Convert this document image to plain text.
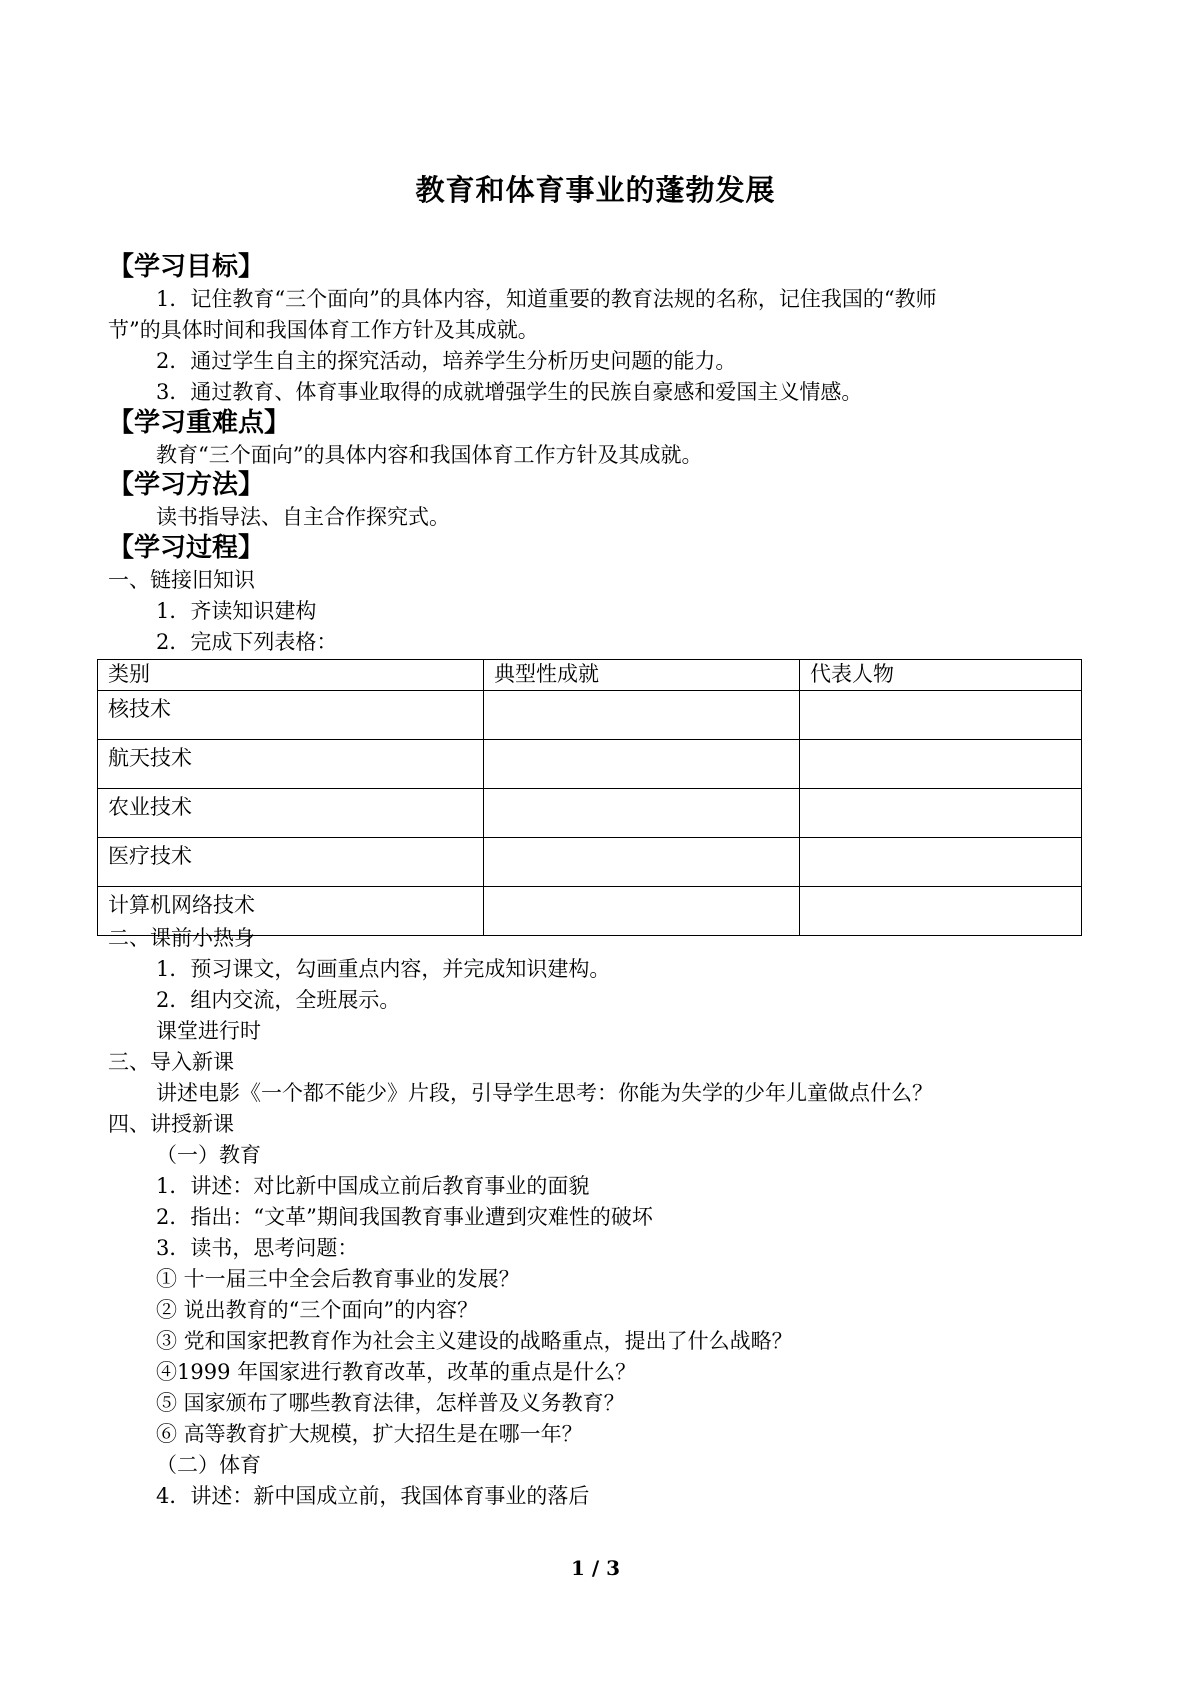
教育和体育事业的蓬勃发展
【学习目标】
1．记住教育“三个面向”的具体内容，知道重要的教育法规的名称，记住我国的“教师
节”的具体时间和我国体育工作方针及其成就。
2．通过学生自主的探究活动，培养学生分析历史问题的能力。
3．通过教育、体育事业取得的成就增强学生的民族自豪感和爱国主义情感。
【学习重难点】
教育“三个面向”的具体内容和我国体育工作方针及其成就。
【学习方法】
读书指导法、自主合作探究式。
【学习过程】
一、链接旧知识
1．齐读知识建构
2．完成下列表格：
类别	典型性成就	代表人物
核技术		
航天技术		
农业技术		
医疗技术		
计算机网络技术		
二、课前小热身
1．预习课文，勾画重点内容，并完成知识建构。
2．组内交流，全班展示。
课堂进行时
三、导入新课
讲述电影《一个都不能少》片段，引导学生思考：你能为失学的少年儿童做点什么？
四、讲授新课
（一）教育
1．讲述：对比新中国成立前后教育事业的面貌
2．指出：“文革”期间我国教育事业遭到灾难性的破坏
3．读书，思考问题：
① 十一届三中全会后教育事业的发展？
② 说出教育的“三个面向”的内容？
③ 党和国家把教育作为社会主义建设的战略重点，提出了什么战略？
④1999 年国家进行教育改革，改革的重点是什么？
⑤ 国家颁布了哪些教育法律，怎样普及义务教育？
⑥ 高等教育扩大规模，扩大招生是在哪一年？
（二）体育
4．讲述：新中国成立前，我国体育事业的落后
1 / 3
